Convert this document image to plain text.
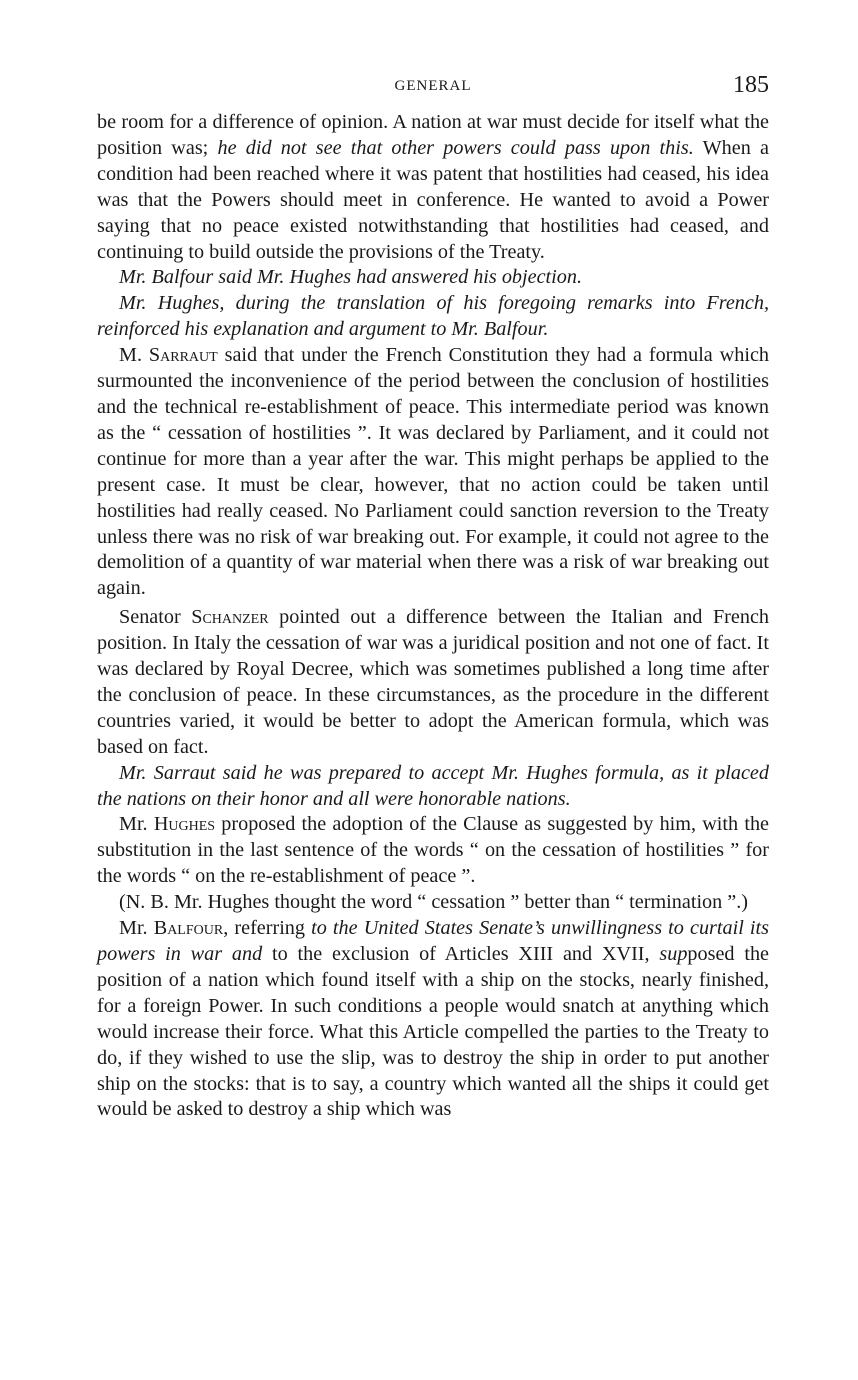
GENERAL	185

be room for a difference of opinion. A nation at war must decide for itself what the position was; he did not see that other powers could pass upon this. When a condition had been reached where it was patent that hostilities had ceased, his idea was that the Powers should meet in conference. He wanted to avoid a Power saying that no peace existed notwithstanding that hostilities had ceased, and continuing to build outside the provisions of the Treaty.

Mr. Balfour said Mr. Hughes had answered his objection.

Mr. Hughes, during the translation of his foregoing remarks into French, reinforced his explanation and argument to Mr. Balfour.

M. Sarraut said that under the French Constitution they had a formula which surmounted the inconvenience of the period between the conclusion of hostilities and the technical re-establishment of peace. This intermediate period was known as the “ cessation of hostilities ”. It was declared by Parliament, and it could not continue for more than a year after the war. This might perhaps be applied to the present case. It must be clear, however, that no action could be taken until hostilities had really ceased. No Parliament could sanction reversion to the Treaty unless there was no risk of war breaking out. For example, it could not agree to the demolition of a quantity of war material when there was a risk of war breaking out again.

Senator Schanzer pointed out a difference between the Italian and French position. In Italy the cessation of war was a juridical position and not one of fact. It was declared by Royal Decree, which was sometimes published a long time after the conclusion of peace. In these circumstances, as the procedure in the different countries varied, it would be better to adopt the American formula, which was based on fact.

Mr. Sarraut said he was prepared to accept Mr. Hughes formula, as it placed the nations on their honor and all were honorable nations.

Mr. Hughes proposed the adoption of the Clause as suggested by him, with the substitution in the last sentence of the words “ on the cessation of hostilities ” for the words “ on the re-establishment of peace ”.

(N. B. Mr. Hughes thought the word “ cessation ” better than “ termination ”.)

Mr. Balfour, referring to the United States Senate’s unwillingness to curtail its powers in war and to the exclusion of Articles XIII and XVII, supposed the position of a nation which found itself with a ship on the stocks, nearly finished, for a foreign Power. In such conditions a people would snatch at anything which would increase their force. What this Article compelled the parties to the Treaty to do, if they wished to use the slip, was to destroy the ship in order to put another ship on the stocks: that is to say, a country which wanted all the ships it could get would be asked to destroy a ship which was
